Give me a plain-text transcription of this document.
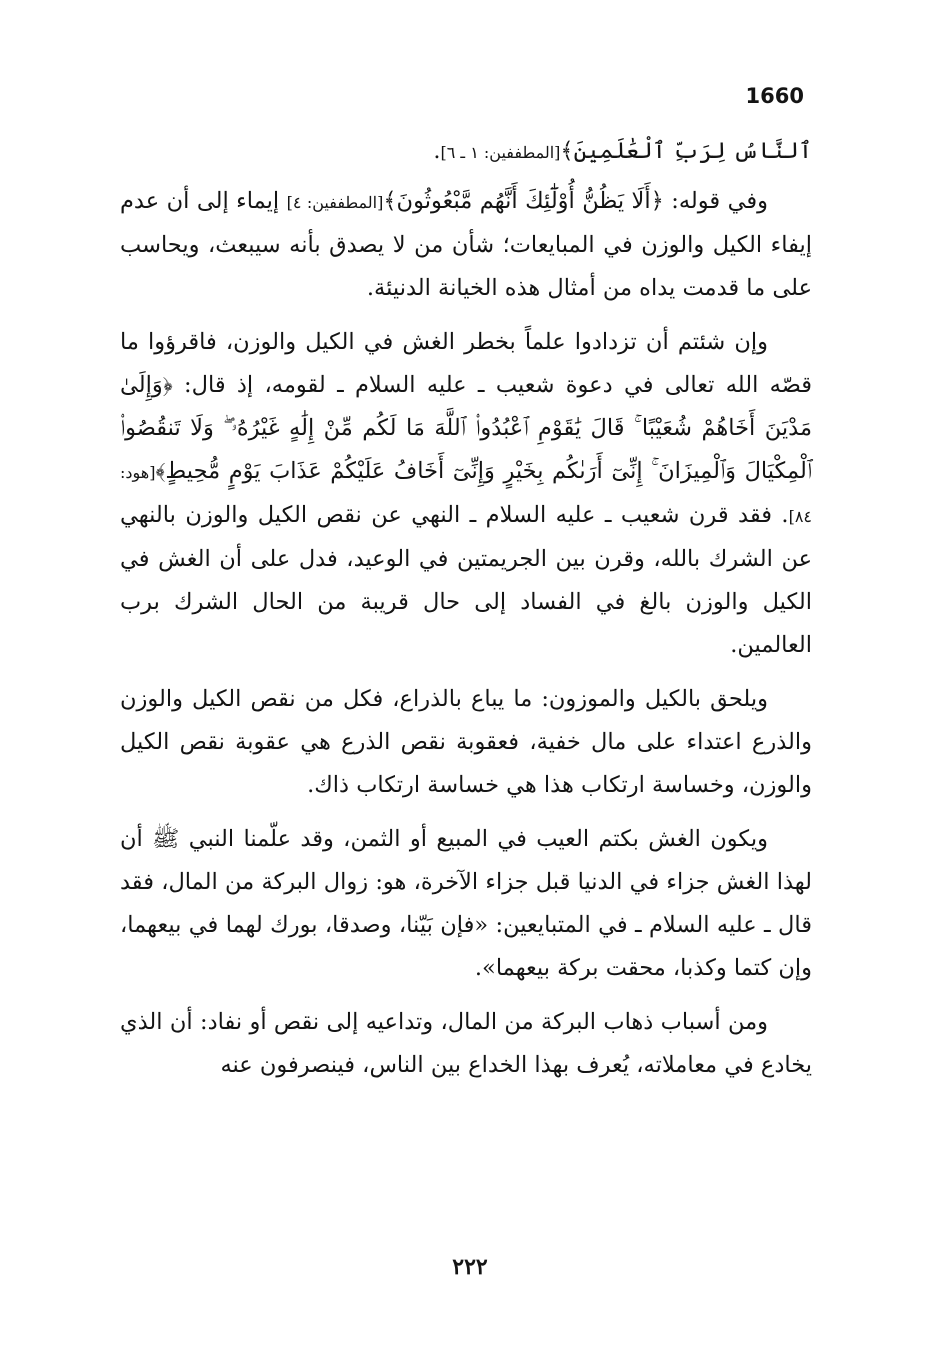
1660

ٱلنَّاسُ لِرَبِّ ٱلْعَٰلَمِينَ﴾[المطففين: ١ ـ ٦].

وفي قوله: ﴿أَلَا يَظُنُّ أُوْلَٰٓئِكَ أَنَّهُم مَّبْعُوثُونَ﴾[المطففين: ٤] إيماء إلى أن عدم إيفاء الكيل والوزن في المبايعات؛ شأن من لا يصدق بأنه سيبعث، ويحاسب على ما قدمت يداه من أمثال هذه الخيانة الدنيئة.

وإن شئتم أن تزدادوا علماً بخطر الغش في الكيل والوزن، فاقرؤوا ما قصّه الله تعالى في دعوة شعيب ـ عليه السلام ـ لقومه، إذ قال: ﴿وَإِلَىٰ مَدْيَنَ أَخَاهُمْ شُعَيْبًا ۚ قَالَ يَٰقَوْمِ ٱعْبُدُوا۟ ٱللَّهَ مَا لَكُم مِّنْ إِلَٰهٍ غَيْرُهُۥ ۖ وَلَا تَنقُصُوا۟ ٱلْمِكْيَالَ وَٱلْمِيزَانَ ۚ إِنِّىٓ أَرَىٰكُم بِخَيْرٍ وَإِنِّىٓ أَخَافُ عَلَيْكُمْ عَذَابَ يَوْمٍ مُّحِيطٍ﴾[هود: ٨٤]. فقد قرن شعيب ـ عليه السلام ـ النهي عن نقص الكيل والوزن بالنهي عن الشرك بالله، وقرن بين الجريمتين في الوعيد، فدل على أن الغش في الكيل والوزن بالغ في الفساد إلى حال قريبة من الحال الشرك برب العالمين.

ويلحق بالكيل والموزون: ما يباع بالذراع، فكل من نقص الكيل والوزن والذرع اعتداء على مال خفية، فعقوبة نقص الذرع هي عقوبة نقص الكيل والوزن، وخساسة ارتكاب هذا هي خساسة ارتكاب ذاك.

ويكون الغش بكتم العيب في المبيع أو الثمن، وقد علّمنا النبي ﷺ أن لهذا الغش جزاء في الدنيا قبل جزاء الآخرة، هو: زوال البركة من المال، فقد قال ـ عليه السلام ـ في المتبايعين: «فإن بَيّنا، وصدقا، بورك لهما في بيعهما، وإن كتما وكذبا، محقت بركة بيعهما».

ومن أسباب ذهاب البركة من المال، وتداعيه إلى نقص أو نفاد: أن الذي يخادع في معاملاته، يُعرف بهذا الخداع بين الناس، فينصرفون عنه

٢٢٢
